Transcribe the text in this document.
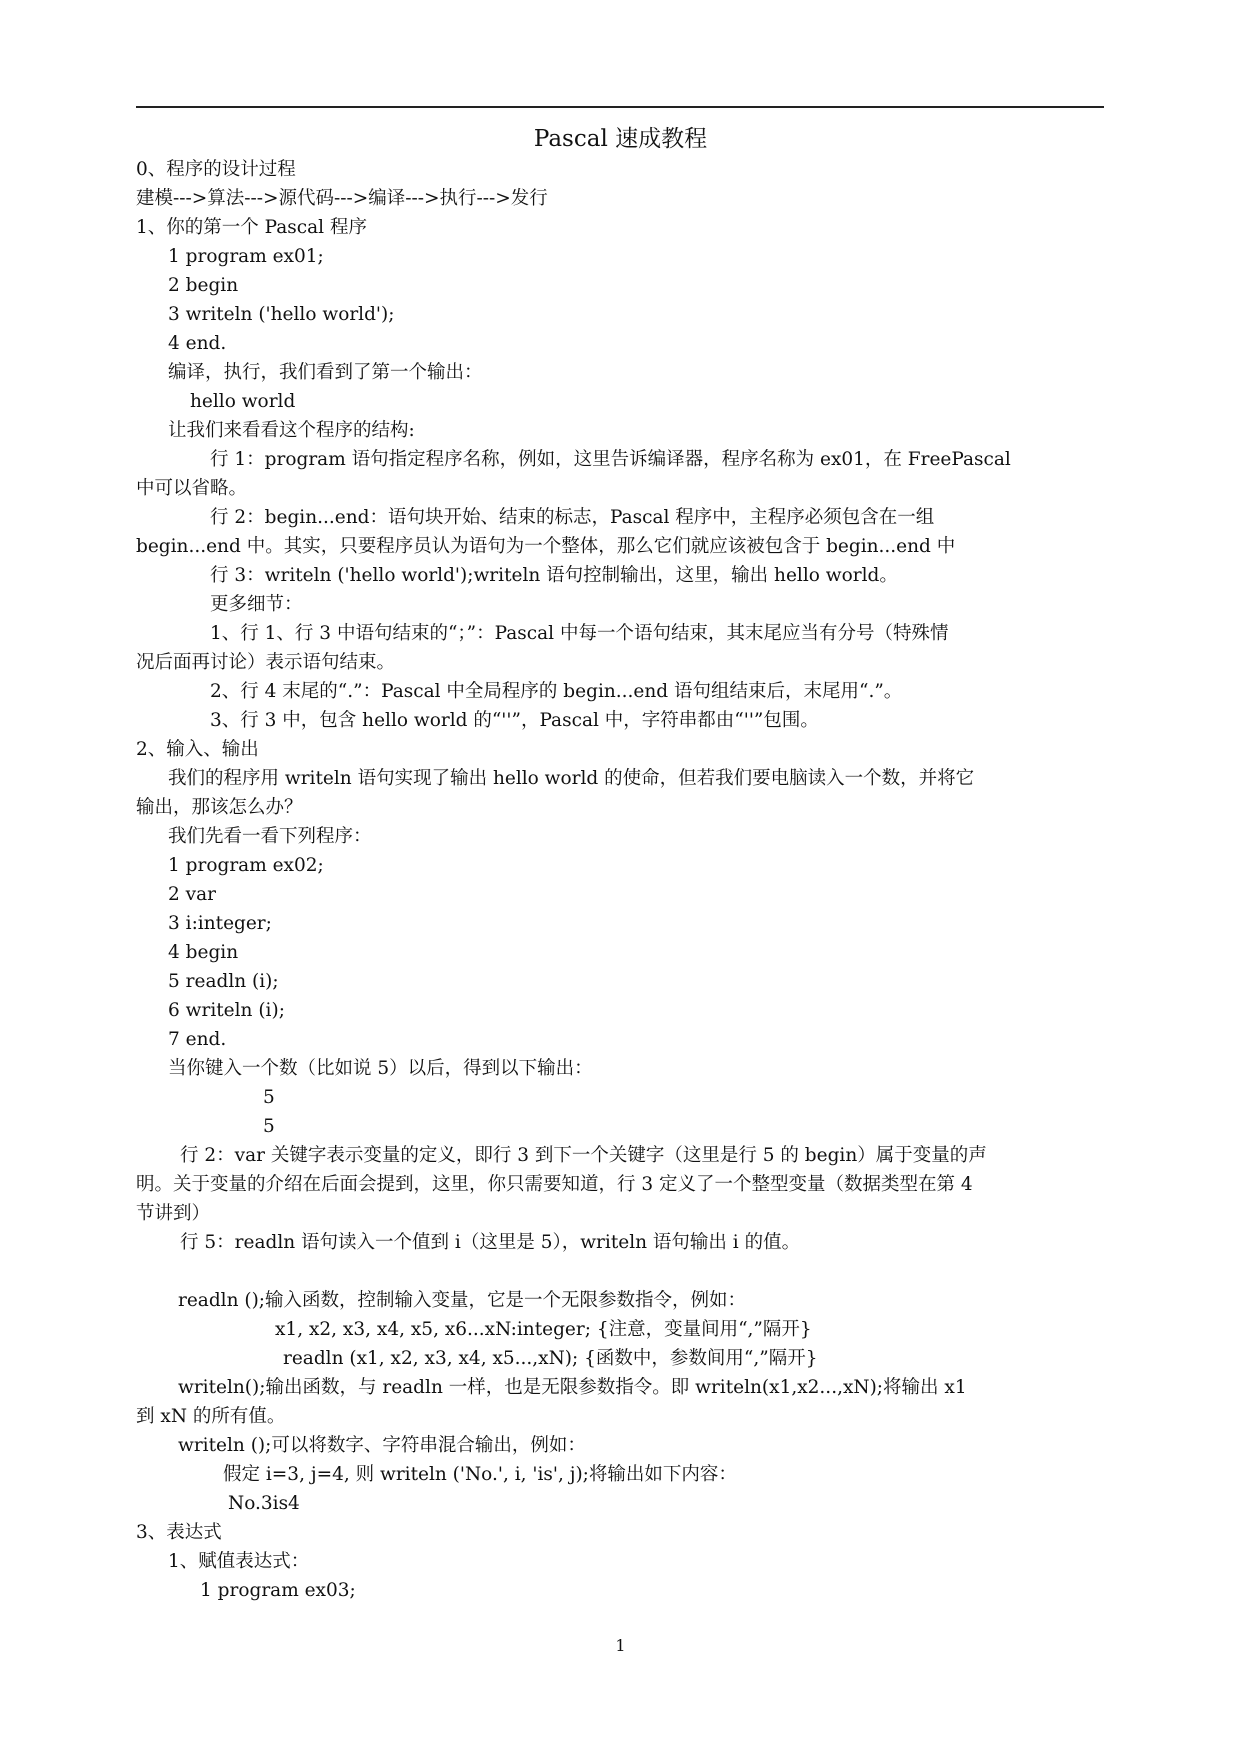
Pascal 速成教程
0、程序的设计过程
建模--->算法--->源代码--->编译--->执行--->发行
1、你的第一个 Pascal 程序
1 program ex01;
2 begin
3 writeln ('hello world');
4 end.
编译，执行，我们看到了第一个输出：
hello world
让我们来看看这个程序的结构:
行 1：program 语句指定程序名称，例如，这里告诉编译器，程序名称为 ex01，在 FreePascal
中可以省略。
行 2：begin...end：语句块开始、结束的标志，Pascal 程序中，主程序必须包含在一组
begin...end 中。其实，只要程序员认为语句为一个整体，那么它们就应该被包含于 begin...end 中
行 3：writeln ('hello world');writeln 语句控制输出，这里，输出 hello world。
更多细节：
1、行 1、行 3 中语句结束的“；”：Pascal 中每一个语句结束，其末尾应当有分号（特殊情
况后面再讨论）表示语句结束。
2、行 4 末尾的“.”：Pascal 中全局程序的 begin...end 语句组结束后，末尾用“.”。
3、行 3 中，包含 hello world 的“''”，Pascal 中，字符串都由“''”包围。
2、输入、输出
我们的程序用 writeln 语句实现了输出 hello world 的使命，但若我们要电脑读入一个数，并将它
输出，那该怎么办？
我们先看一看下列程序：
1 program ex02;
2 var
3 i:integer;
4 begin
5 readln (i);
6 writeln (i);
7 end.
当你键入一个数（比如说 5）以后，得到以下输出：
5
5
行 2：var 关键字表示变量的定义，即行 3 到下一个关键字（这里是行 5 的 begin）属于变量的声
明。关于变量的介绍在后面会提到，这里，你只需要知道，行 3 定义了一个整型变量（数据类型在第 4
节讲到）
行 5：readln 语句读入一个值到 i（这里是 5），writeln 语句输出 i 的值。
readln ();输入函数，控制输入变量，它是一个无限参数指令，例如：
x1, x2, x3, x4, x5, x6...xN:integer; {注意，变量间用“,”隔开}
readln (x1, x2, x3, x4, x5...,xN); {函数中，参数间用“,”隔开}
writeln();输出函数，与 readln 一样，也是无限参数指令。即 writeln(x1,x2...,xN);将输出 x1
到 xN 的所有值。
writeln ();可以将数字、字符串混合输出，例如：
假定 i=3, j=4, 则 writeln ('No.', i, 'is', j);将输出如下内容：
No.3is4
3、表达式
1、赋值表达式：
1 program ex03;
1
